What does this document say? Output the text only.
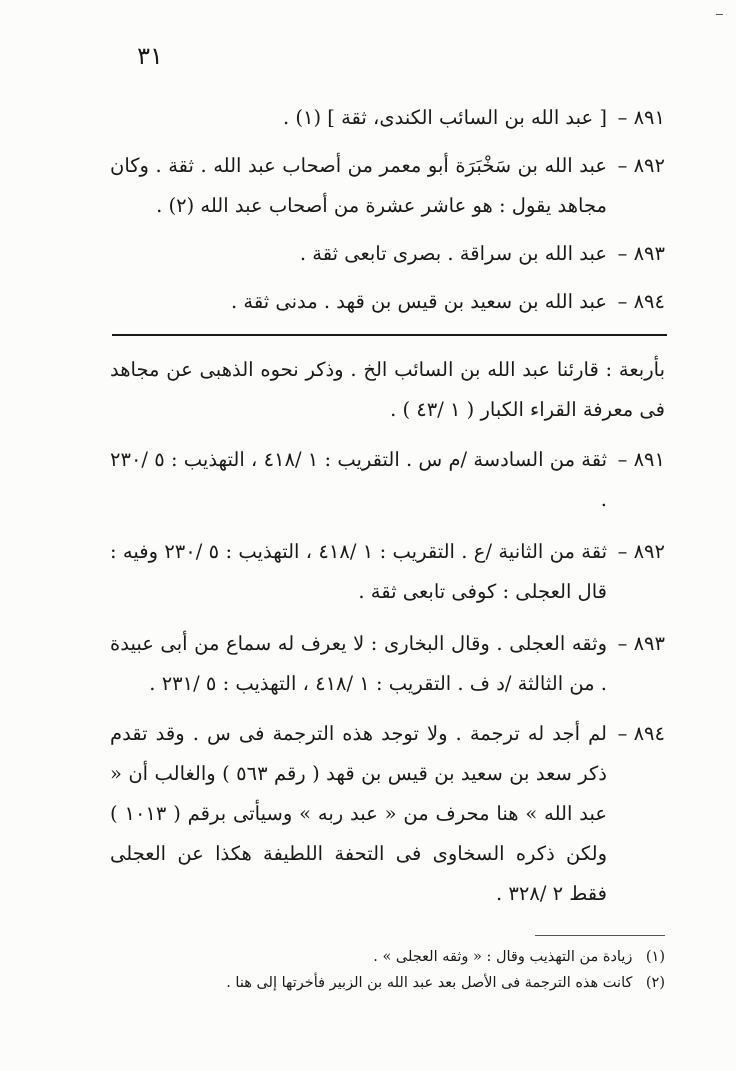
٣١
٨٩١ –
[ عبد الله بن السائب الكندى، ثقة ] (١) .
٨٩٢ –
عبد الله بن سَخْبَرَة أبو معمر من أصحاب عبد الله . ثقة . وكان مجاهد يقول : هو عاشر عشرة من أصحاب عبد الله (٢) .
٨٩٣ –
عبد الله بن سراقة . بصرى تابعى ثقة .
٨٩٤ –
عبد الله بن سعيد بن قيس بن قهد . مدنى ثقة .
بأربعة : قارئنا عبد الله بن السائب الخ . وذكر نحوه الذهبى عن مجاهد فى معرفة القراء الكبار ( ١ /٤٣ ) .
٨٩١ –
ثقة من السادسة /م س . التقريب : ١ /٤١٨ ، التهذيب : ٥ /٢٣٠ .
٨٩٢ –
ثقة من الثانية /ع . التقريب : ١ /٤١٨ ، التهذيب : ٥ /٢٣٠ وفيه : قال العجلى : كوفى تابعى ثقة .
٨٩٣ –
وثقه العجلى . وقال البخارى : لا يعرف له سماع من أبى عبيدة . من الثالثة /د ف . التقريب : ١ /٤١٨ ، التهذيب : ٥ /٢٣١ .
٨٩٤ –
لم أجد له ترجمة . ولا توجد هذه الترجمة فى س . وقد تقدم ذكر سعد بن سعيد بن قيس بن قهد ( رقم ٥٦٣ ) والغالب أن « عبد الله » هنا محرف من « عبد ربه » وسيأتى برقم ( ١٠١٣ ) ولكن ذكره السخاوى فى التحفة اللطيفة هكذا عن العجلى فقط ٢ /٣٢٨ .
(١) زيادة من التهذيب وقال : « وثقه العجلى » .
(٢) كانت هذه الترجمة فى الأصل بعد عبد الله بن الزبير فأخرتها إلى هنا .
